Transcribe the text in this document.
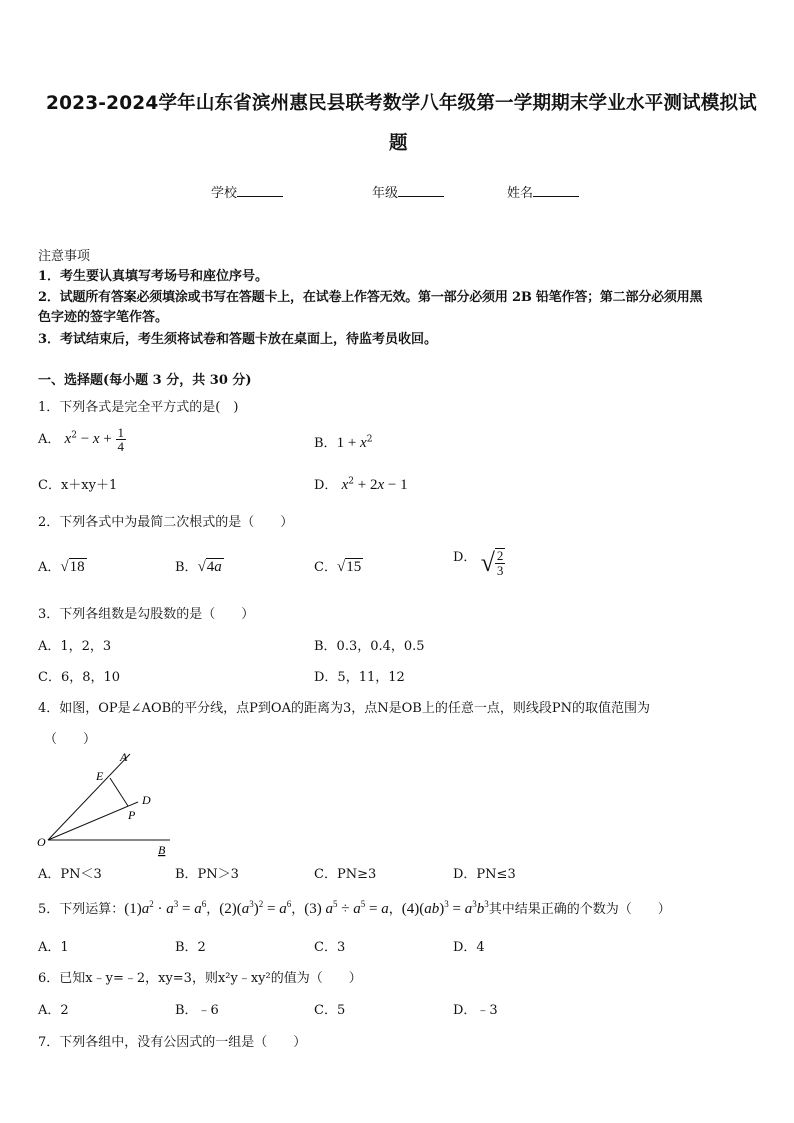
2023-2024学年山东省滨州惠民县联考数学八年级第一学期期末学业水平测试模拟试
题
学校	年级	姓名
注意事项
1．考生要认真填写考场号和座位序号。
2．试题所有答案必须填涂或书写在答题卡上，在试卷上作答无效。第一部分必须用 2B 铅笔作答；第二部分必须用黑
色字迹的签字笔作答。
3．考试结束后，考生须将试卷和答题卡放在桌面上，待监考员收回。
一、选择题(每小题 3 分，共 30 分)
1．下列各式是完全平方式的是(　)
A． $x^2 - x + \frac{1}{4}$	B．$1 + x^2$
C．x＋xy＋1	D． $x^2 + 2x - 1$
2．下列各式中为最简二次根式的是（　　）
A．√18	B．√4a	C．√15
D． √ $\frac{2}{3}$
3．下列各组数是勾股数的是（　　）
A．1，2，3	B．0.3，0.4，0.5
C．6，8，10	D．5，11，12
4．如图，OP是∠AOB的平分线，点P到OA的距离为3，点N是OB上的任意一点，则线段PN的取值范围为
（　　）
A
E
D
P
O
B
A．PN＜3	B．PN＞3	C．PN≥3	D．PN≤3
5．下列运算：$(1)a^2 \cdot a^3 = a^6$，$(2)(a^3)^2 = a^6$，(3) $a^5 \div a^5 = a$，$(4)(ab)^3 = a^3b^3$其中结果正确的个数为（　　）
A．1	B．2	C．3	D．4
6．已知x﹣y=﹣2，xy=3，则x²y﹣xy²的值为（　　）
A．2	B．﹣6	C．5	D．﹣3
7．下列各组中，没有公因式的一组是（　　）
